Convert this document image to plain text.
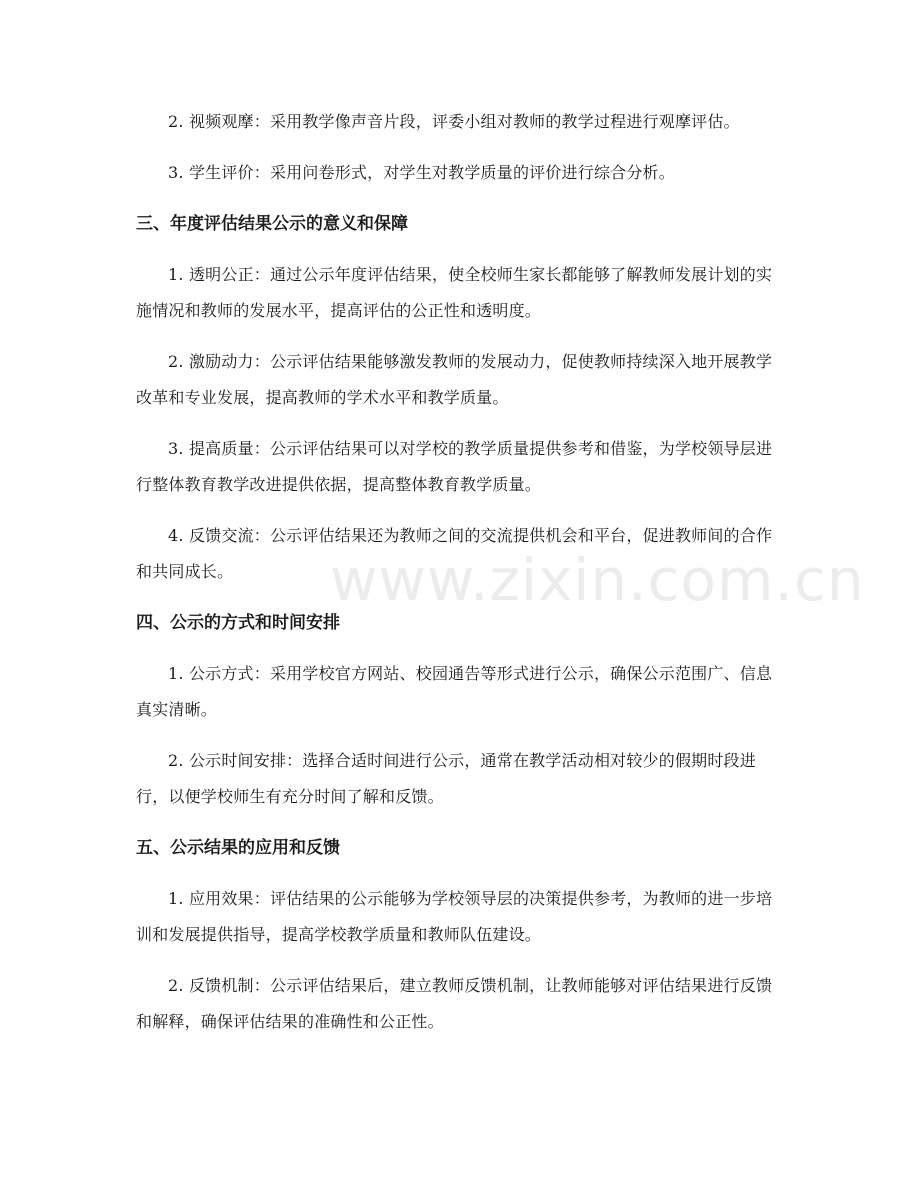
www.zixin.com.cn

2. 视频观摩：采用教学像声音片段，评委小组对教师的教学过程进行观摩评估。

3. 学生评价：采用问卷形式，对学生对教学质量的评价进行综合分析。

三、年度评估结果公示的意义和保障

1. 透明公正：通过公示年度评估结果，使全校师生家长都能够了解教师发展计划的实施情况和教师的发展水平，提高评估的公正性和透明度。

2. 激励动力：公示评估结果能够激发教师的发展动力，促使教师持续深入地开展教学改革和专业发展，提高教师的学术水平和教学质量。

3. 提高质量：公示评估结果可以对学校的教学质量提供参考和借鉴，为学校领导层进行整体教育教学改进提供依据，提高整体教育教学质量。

4. 反馈交流：公示评估结果还为教师之间的交流提供机会和平台，促进教师间的合作和共同成长。

四、公示的方式和时间安排

1. 公示方式：采用学校官方网站、校园通告等形式进行公示，确保公示范围广、信息真实清晰。

2. 公示时间安排：选择合适时间进行公示，通常在教学活动相对较少的假期时段进行，以便学校师生有充分时间了解和反馈。

五、公示结果的应用和反馈

1. 应用效果：评估结果的公示能够为学校领导层的决策提供参考，为教师的进一步培训和发展提供指导，提高学校教学质量和教师队伍建设。

2. 反馈机制：公示评估结果后，建立教师反馈机制，让教师能够对评估结果进行反馈和解释，确保评估结果的准确性和公正性。
